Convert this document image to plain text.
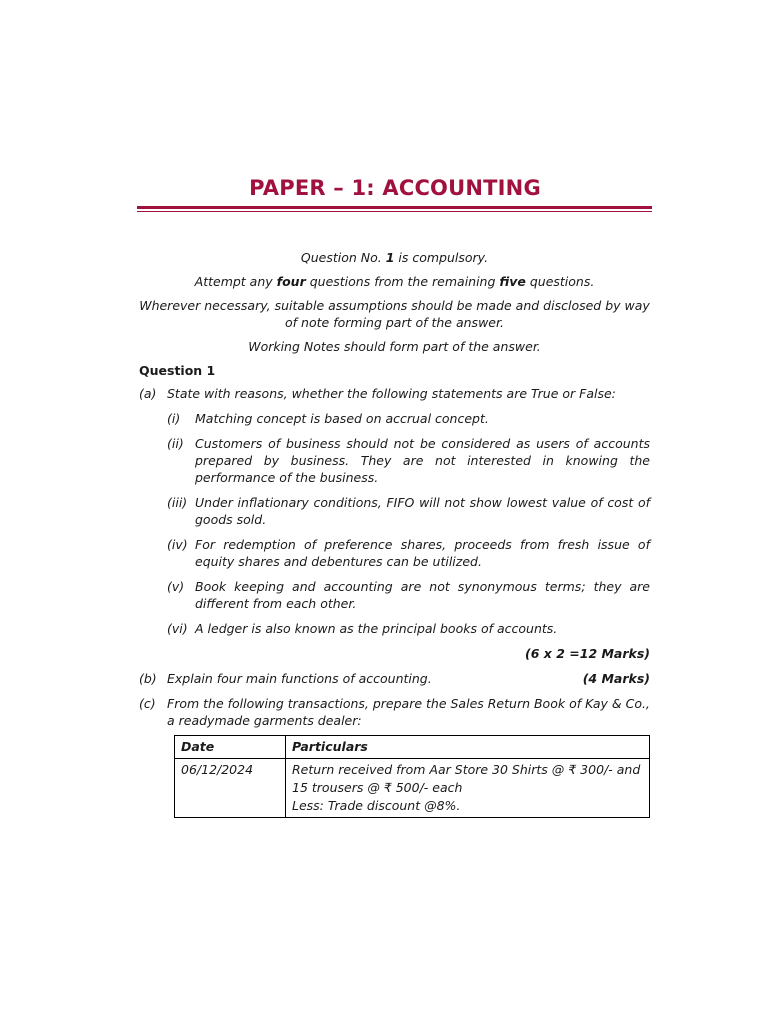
PAPER – 1: ACCOUNTING

Question No. 1 is compulsory.

Attempt any four questions from the remaining five questions.

Wherever necessary, suitable assumptions should be made and disclosed by way of note forming part of the answer.

Working Notes should form part of the answer.

Question 1
(a) State with reasons, whether the following statements are True or False:
(i)	Matching concept is based on accrual concept.
(ii) Customers of business should not be considered as users of accounts prepared by business. They are not interested in knowing the performance of the business.
(iii) Under inflationary conditions, FIFO will not show lowest value of cost of goods sold.
(iv) For redemption of preference shares, proceeds from fresh issue of equity shares and debentures can be utilized.
(v) Book keeping and accounting are not synonymous terms; they are different from each other.
(vi) A ledger is also known as the principal books of accounts.
(6 x 2 =12 Marks)
(b) Explain four main functions of accounting.	(4 Marks)
(c) From the following transactions, prepare the Sales Return Book of Kay & Co., a readymade garments dealer:
Date	Particulars
06/12/2024	Return received from Aar Store 30 Shirts @ ₹ 300/- and 15 trousers @ ₹ 500/- each
Less: Trade discount @8%.
